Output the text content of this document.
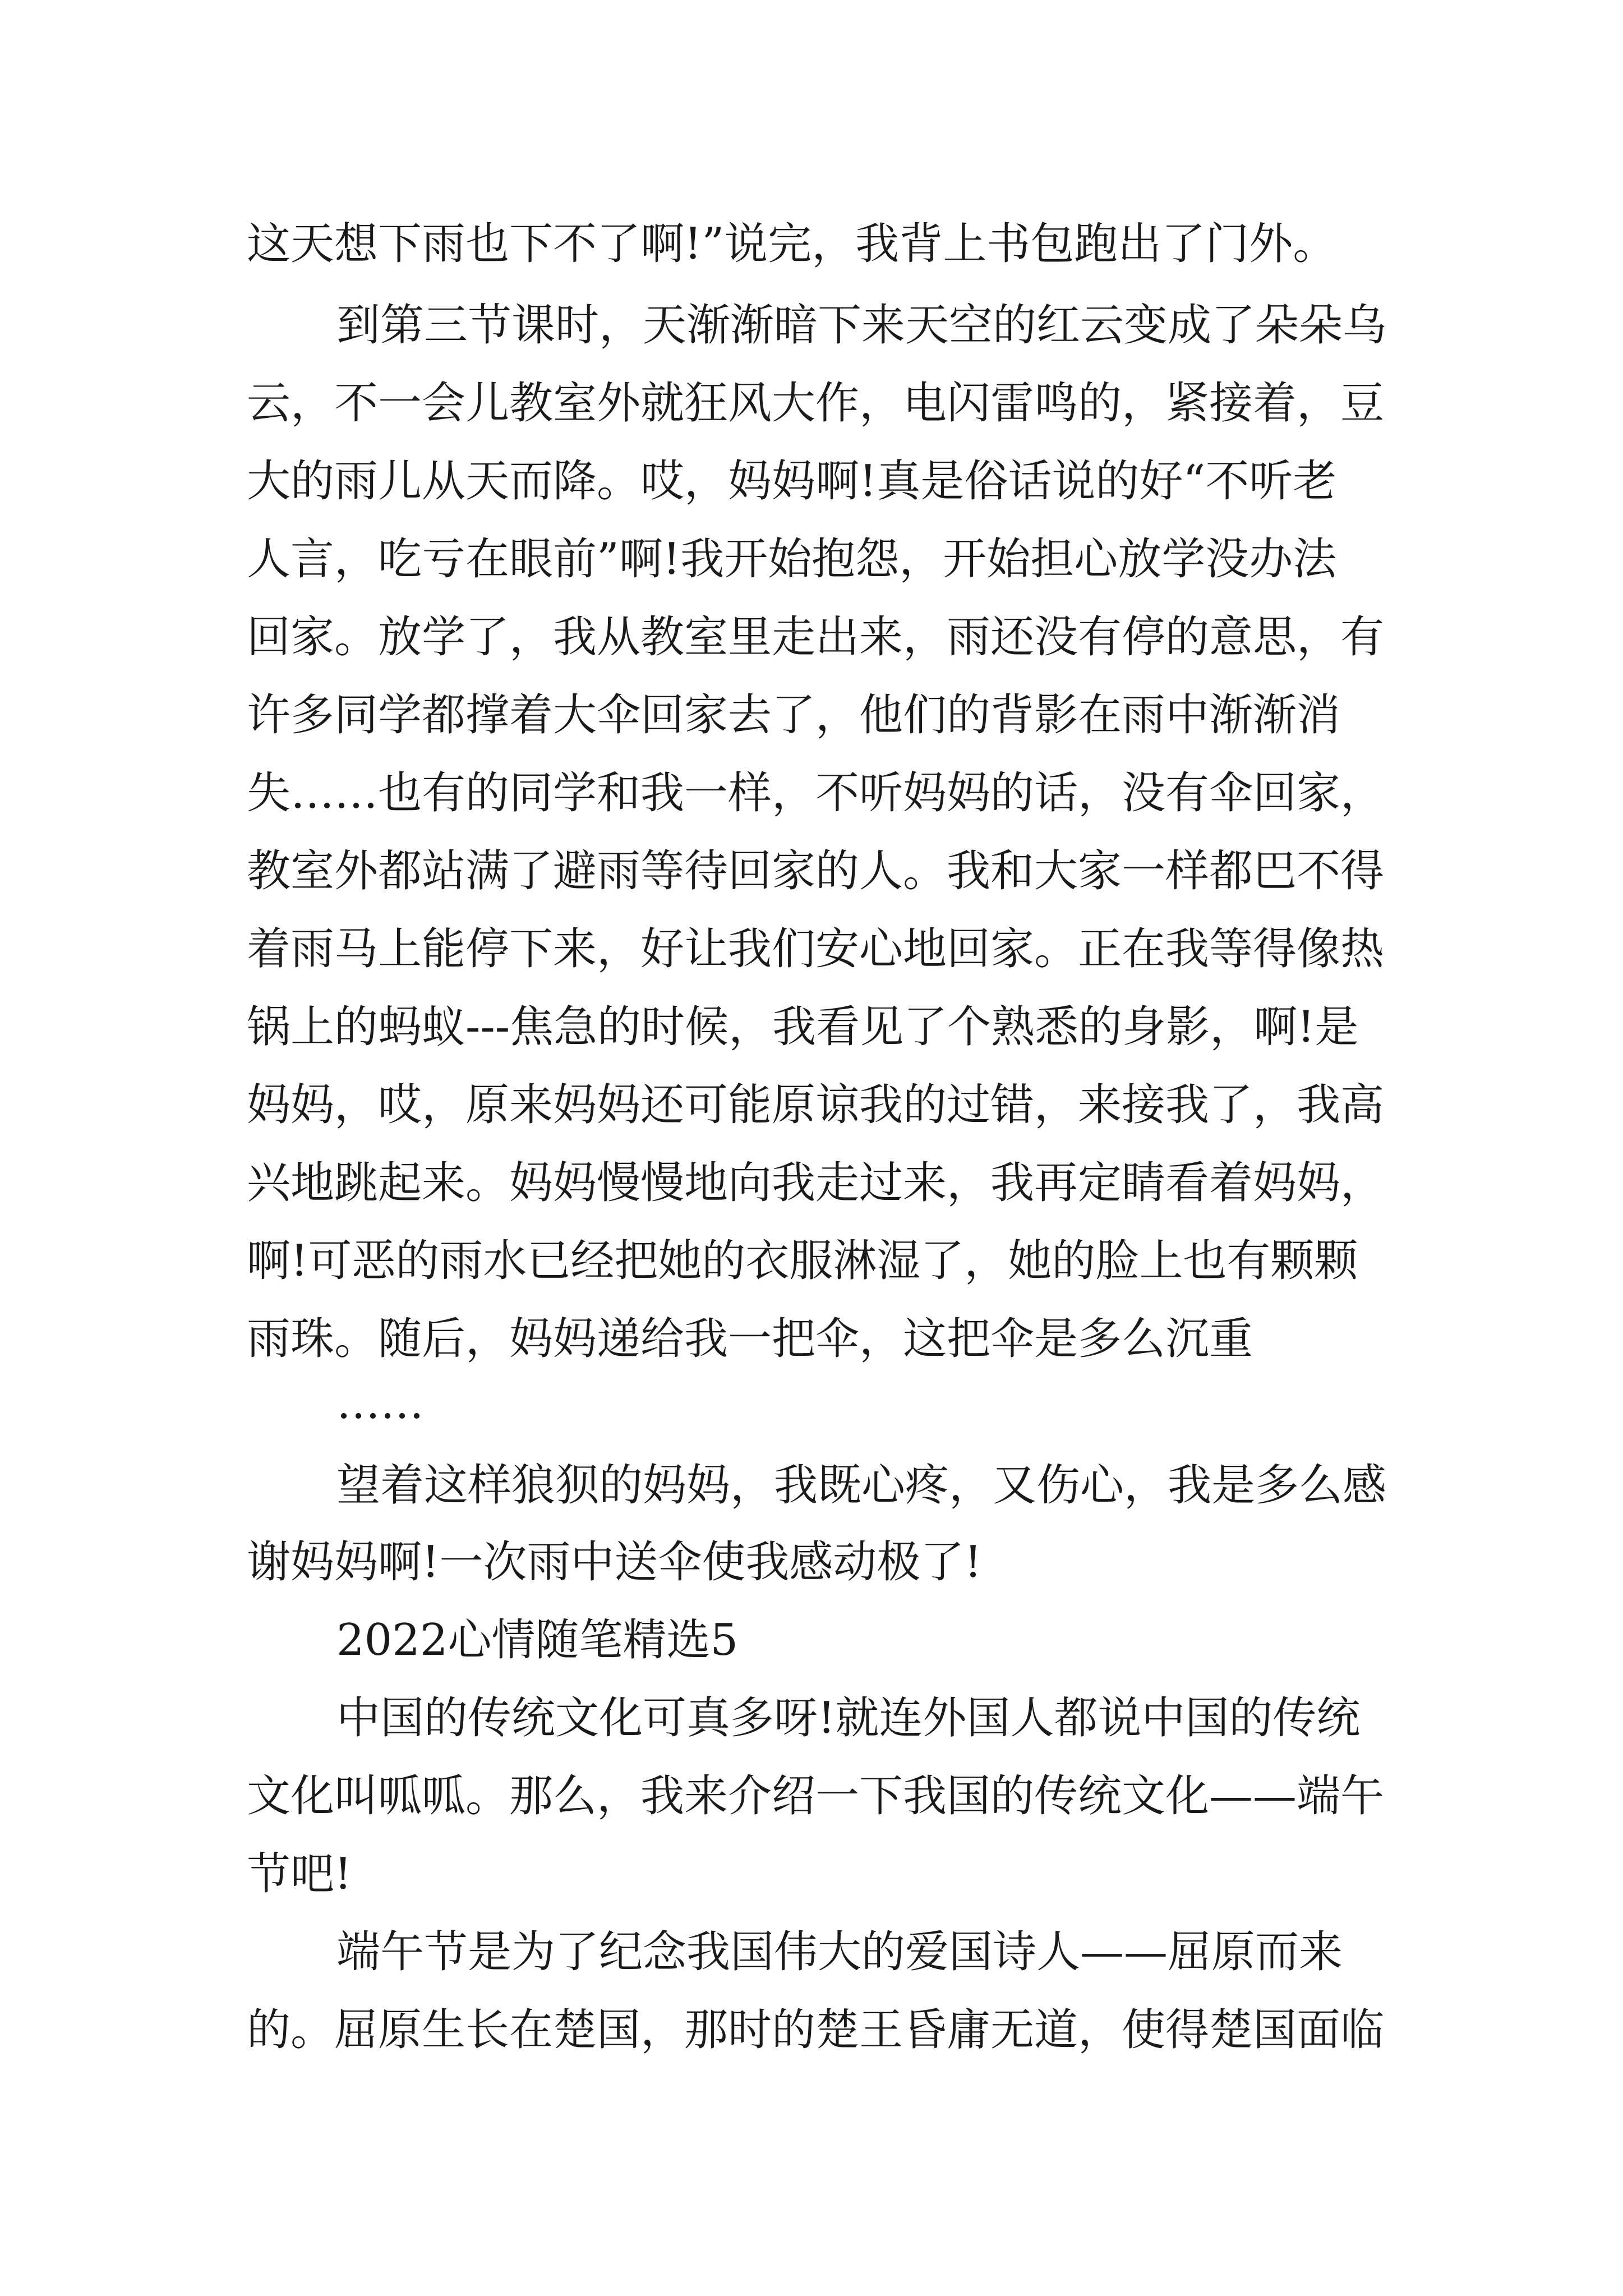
这天想下雨也下不了啊!”说完，我背上书包跑出了门外。

到第三节课时，天渐渐暗下来天空的红云变成了朵朵乌

云，不一会儿教室外就狂风大作，电闪雷鸣的，紧接着，豆

大的雨儿从天而降。哎，妈妈啊!真是俗话说的好“不听老

人言，吃亏在眼前”啊!我开始抱怨，开始担心放学没办法

回家。放学了，我从教室里走出来，雨还没有停的意思，有

许多同学都撑着大伞回家去了，他们的背影在雨中渐渐消

失……也有的同学和我一样，不听妈妈的话，没有伞回家，

教室外都站满了避雨等待回家的人。我和大家一样都巴不得

着雨马上能停下来，好让我们安心地回家。正在我等得像热

锅上的蚂蚁---焦急的时候，我看见了个熟悉的身影，啊!是

妈妈，哎，原来妈妈还可能原谅我的过错，来接我了，我高

兴地跳起来。妈妈慢慢地向我走过来，我再定睛看着妈妈，

啊!可恶的雨水已经把她的衣服淋湿了，她的脸上也有颗颗

雨珠。随后，妈妈递给我一把伞，这把伞是多么沉重

……

望着这样狼狈的妈妈，我既心疼，又伤心，我是多么感

谢妈妈啊!一次雨中送伞使我感动极了!

2022心情随笔精选5

中国的传统文化可真多呀!就连外国人都说中国的传统

文化叫呱呱。那么，我来介绍一下我国的传统文化——端午

节吧!

端午节是为了纪念我国伟大的爱国诗人——屈原而来

的。屈原生长在楚国，那时的楚王昏庸无道，使得楚国面临
